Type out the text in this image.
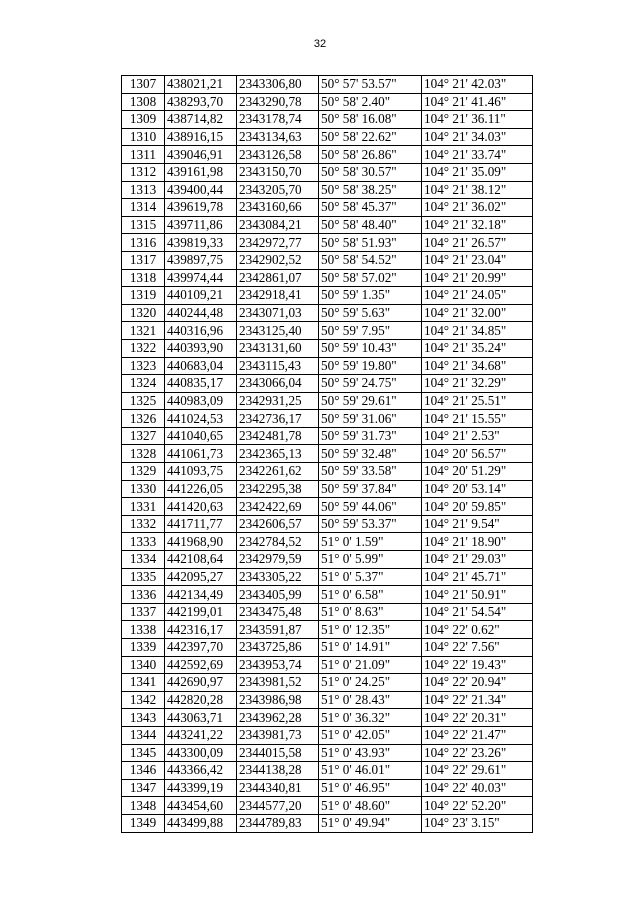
32
1307	438021,21	2343306,80	50° 57' 53.57"	104° 21' 42.03"
1308	438293,70	2343290,78	50° 58' 2.40"	104° 21' 41.46"
1309	438714,82	2343178,74	50° 58' 16.08"	104° 21' 36.11"
1310	438916,15	2343134,63	50° 58' 22.62"	104° 21' 34.03"
1311	439046,91	2343126,58	50° 58' 26.86"	104° 21' 33.74"
1312	439161,98	2343150,70	50° 58' 30.57"	104° 21' 35.09"
1313	439400,44	2343205,70	50° 58' 38.25"	104° 21' 38.12"
1314	439619,78	2343160,66	50° 58' 45.37"	104° 21' 36.02"
1315	439711,86	2343084,21	50° 58' 48.40"	104° 21' 32.18"
1316	439819,33	2342972,77	50° 58' 51.93"	104° 21' 26.57"
1317	439897,75	2342902,52	50° 58' 54.52"	104° 21' 23.04"
1318	439974,44	2342861,07	50° 58' 57.02"	104° 21' 20.99"
1319	440109,21	2342918,41	50° 59' 1.35"	104° 21' 24.05"
1320	440244,48	2343071,03	50° 59' 5.63"	104° 21' 32.00"
1321	440316,96	2343125,40	50° 59' 7.95"	104° 21' 34.85"
1322	440393,90	2343131,60	50° 59' 10.43"	104° 21' 35.24"
1323	440683,04	2343115,43	50° 59' 19.80"	104° 21' 34.68"
1324	440835,17	2343066,04	50° 59' 24.75"	104° 21' 32.29"
1325	440983,09	2342931,25	50° 59' 29.61"	104° 21' 25.51"
1326	441024,53	2342736,17	50° 59' 31.06"	104° 21' 15.55"
1327	441040,65	2342481,78	50° 59' 31.73"	104° 21' 2.53"
1328	441061,73	2342365,13	50° 59' 32.48"	104° 20' 56.57"
1329	441093,75	2342261,62	50° 59' 33.58"	104° 20' 51.29"
1330	441226,05	2342295,38	50° 59' 37.84"	104° 20' 53.14"
1331	441420,63	2342422,69	50° 59' 44.06"	104° 20' 59.85"
1332	441711,77	2342606,57	50° 59' 53.37"	104° 21' 9.54"
1333	441968,90	2342784,52	51° 0' 1.59"	104° 21' 18.90"
1334	442108,64	2342979,59	51° 0' 5.99"	104° 21' 29.03"
1335	442095,27	2343305,22	51° 0' 5.37"	104° 21' 45.71"
1336	442134,49	2343405,99	51° 0' 6.58"	104° 21' 50.91"
1337	442199,01	2343475,48	51° 0' 8.63"	104° 21' 54.54"
1338	442316,17	2343591,87	51° 0' 12.35"	104° 22' 0.62"
1339	442397,70	2343725,86	51° 0' 14.91"	104° 22' 7.56"
1340	442592,69	2343953,74	51° 0' 21.09"	104° 22' 19.43"
1341	442690,97	2343981,52	51° 0' 24.25"	104° 22' 20.94"
1342	442820,28	2343986,98	51° 0' 28.43"	104° 22' 21.34"
1343	443063,71	2343962,28	51° 0' 36.32"	104° 22' 20.31"
1344	443241,22	2343981,73	51° 0' 42.05"	104° 22' 21.47"
1345	443300,09	2344015,58	51° 0' 43.93"	104° 22' 23.26"
1346	443366,42	2344138,28	51° 0' 46.01"	104° 22' 29.61"
1347	443399,19	2344340,81	51° 0' 46.95"	104° 22' 40.03"
1348	443454,60	2344577,20	51° 0' 48.60"	104° 22' 52.20"
1349	443499,88	2344789,83	51° 0' 49.94"	104° 23' 3.15"
